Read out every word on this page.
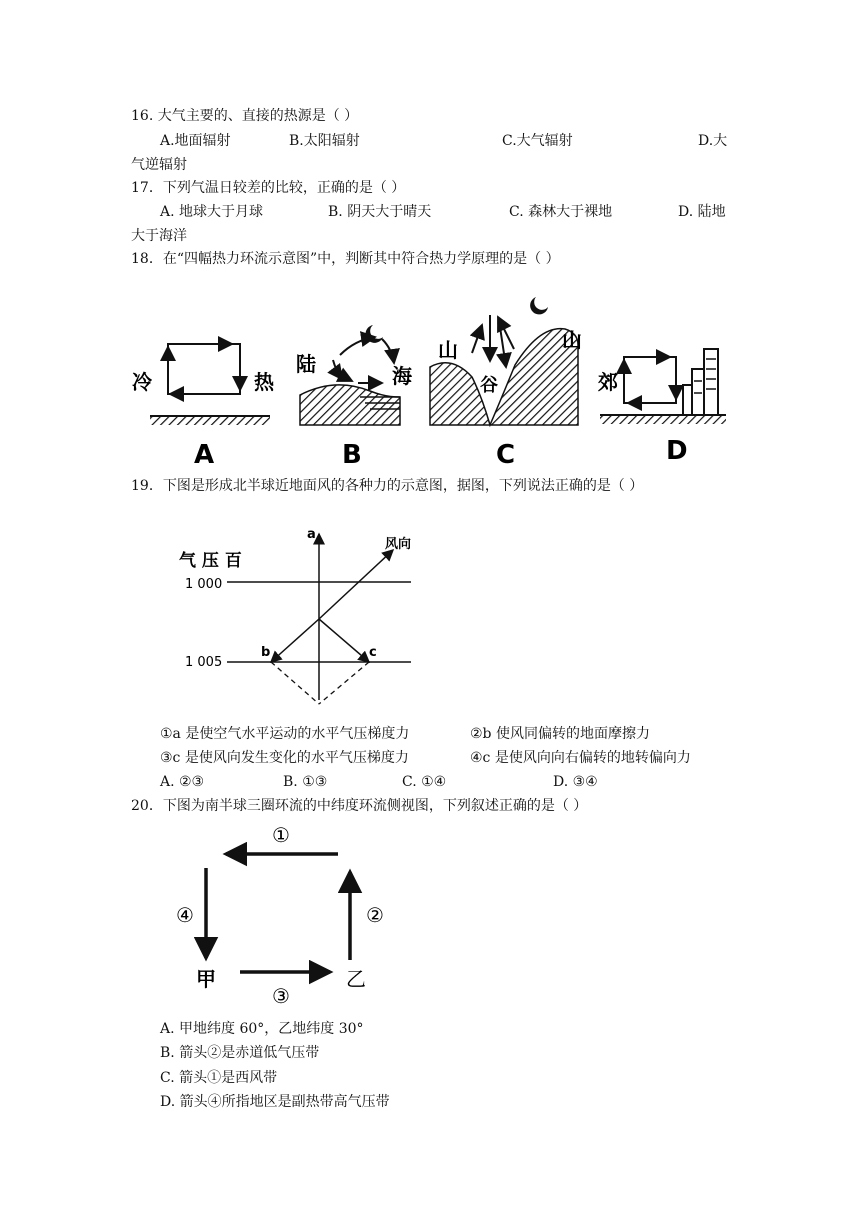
16. 大气主要的、直接的热源是（ ）
A.地面辐射	B.太阳辐射	C.大气辐射	D.大
气逆辐射
17．下列气温日较差的比较，正确的是（ ）
A. 地球大于月球	B. 阴天大于晴天	C. 森林大于裸地	D. 陆地
大于海洋
18．在“四幅热力环流示意图”中，判断其中符合热力学原理的是（ ）
冷	热
A
陆	海
B
山
谷
山
C
郊
D
19．下图是形成北半球近地面风的各种力的示意图，据图，下列说法正确的是（ ）
气 压 百
1 000
1 005
a
b	c
风向
①a 是使空气水平运动的水平气压梯度力	②b 使风同偏转的地面摩擦力
③c 是使风向发生变化的水平气压梯度力	④c 是使风向向右偏转的地转偏向力
A. ②③	B. ①③	C. ①④	D. ③④
20．下图为南半球三圈环流的中纬度环流侧视图，下列叙述正确的是（ ）
①
②
③
④
甲	乙
A. 甲地纬度 60°，乙地纬度 30°
B. 箭头②是赤道低气压带
C. 箭头①是西风带
D. 箭头④所指地区是副热带高气压带
